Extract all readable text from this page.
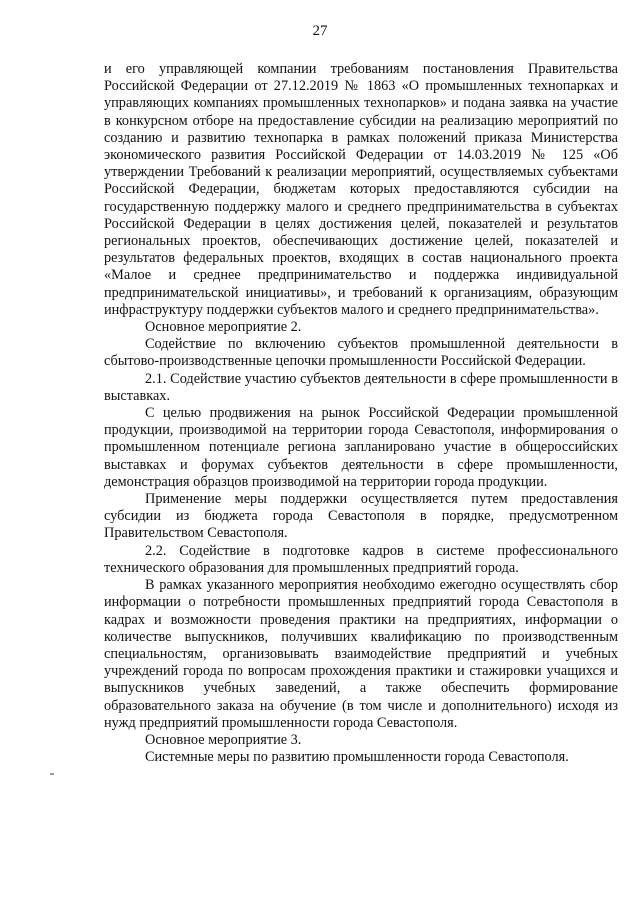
27

и его управляющей компании требованиям постановления Правительства Российской Федерации от 27.12.2019 № 1863 «О промышленных технопарках и управляющих компаниях промышленных технопарков» и подана заявка на участие в конкурсном отборе на предоставление субсидии на реализацию мероприятий по созданию и развитию технопарка в рамках положений приказа Министерства экономического развития Российской Федерации от 14.03.2019 № 125 «Об утверждении Требований к реализации мероприятий, осуществляемых субъектами Российской Федерации, бюджетам которых предоставляются субсидии на государственную поддержку малого и среднего предпринимательства в субъектах Российской Федерации в целях достижения целей, показателей и результатов региональных проектов, обеспечивающих достижение целей, показателей и результатов федеральных проектов, входящих в состав национального проекта «Малое и среднее предпринимательство и поддержка индивидуальной предпринимательской инициативы», и требований к организациям, образующим инфраструктуру поддержки субъектов малого и среднего предпринимательства».

Основное мероприятие 2.

Содействие по включению субъектов промышленной деятельности в сбытово-производственные цепочки промышленности Российской Федерации.

2.1. Содействие участию субъектов деятельности в сфере промышленности в выставках.

С целью продвижения на рынок Российской Федерации промышленной продукции, производимой на территории города Севастополя, информирования о промышленном потенциале региона запланировано участие в общероссийских выставках и форумах субъектов деятельности в сфере промышленности, демонстрация образцов производимой на территории города продукции.

Применение меры поддержки осуществляется путем предоставления субсидии из бюджета города Севастополя в порядке, предусмотренном Правительством Севастополя.

2.2. Содействие в подготовке кадров в системе профессионального технического образования для промышленных предприятий города.

В рамках указанного мероприятия необходимо ежегодно осуществлять сбор информации о потребности промышленных предприятий города Севастополя в кадрах и возможности проведения практики на предприятиях, информации о количестве выпускников, получивших квалификацию по производственным специальностям, организовывать взаимодействие предприятий и учебных учреждений города по вопросам прохождения практики и стажировки учащихся и выпускников учебных заведений, а также обеспечить формирование образовательного заказа на обучение (в том числе и дополнительного) исходя из нужд предприятий промышленности города Севастополя.

Основное мероприятие 3.

Системные меры по развитию промышленности города Севастополя.
